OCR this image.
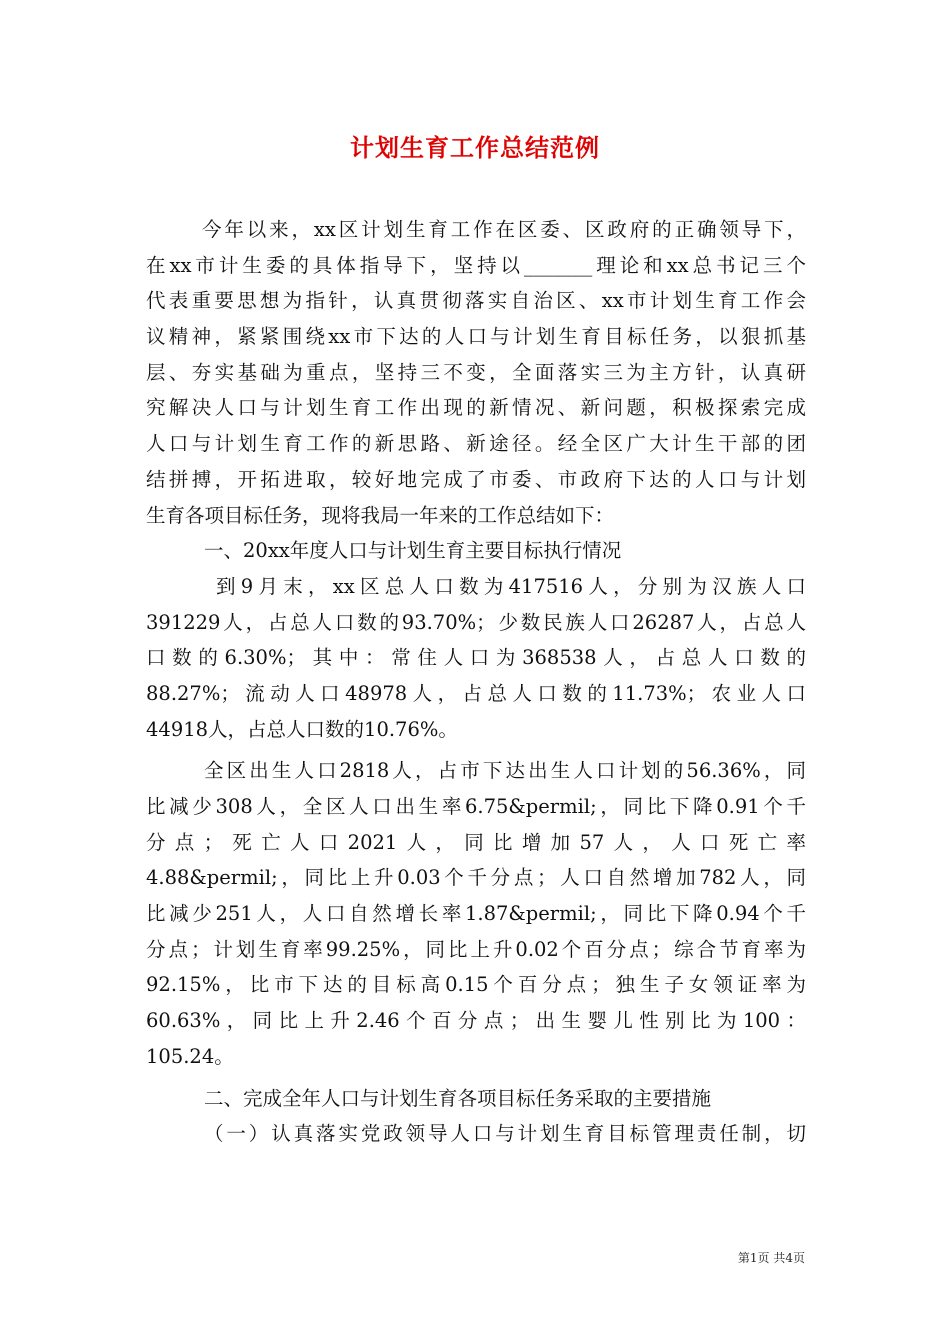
计划生育工作总结范例
今年以来，xx区计划生育工作在区委、区政府的正确领导下，
在xx市计生委的具体指导下，坚持以_______理论和xx总书记三个
代表重要思想为指针，认真贯彻落实自治区、xx市计划生育工作会
议精神，紧紧围绕xx市下达的人口与计划生育目标任务，以狠抓基
层、夯实基础为重点，坚持三不变，全面落实三为主方针，认真研
究解决人口与计划生育工作出现的新情况、新问题，积极探索完成
人口与计划生育工作的新思路、新途径。经全区广大计生干部的团
结拼搏，开拓进取，较好地完成了市委、市政府下达的人口与计划
生育各项目标任务，现将我局一年来的工作总结如下：
一、20xx年度人口与计划生育主要目标执行情况
到9月末，xx区总人口数为417516人，分别为汉族人口
391229人，占总人口数的93.70%；少数民族人口26287人，占总人
口数的6.30%；其中：常住人口为368538人，占总人口数的
88.27%；流动人口48978人，占总人口数的11.73%；农业人口
44918人，占总人口数的10.76%。
全区出生人口2818人，占市下达出生人口计划的56.36%，同
比减少308人，全区人口出生率6.75&permil;，同比下降0.91个千
分点；死亡人口2021人，同比增加57人，人口死亡率
4.88&permil;，同比上升0.03个千分点；人口自然增加782人，同
比减少251人，人口自然增长率1.87&permil;，同比下降0.94个千
分点；计划生育率99.25%，同比上升0.02个百分点；综合节育率为
92.15%，比市下达的目标高0.15个百分点；独生子女领证率为
60.63%，同比上升2.46个百分点；出生婴儿性别比为100：
105.24。
二、完成全年人口与计划生育各项目标任务采取的主要措施
（一）认真落实党政领导人口与计划生育目标管理责任制，切
第1页 共4页
